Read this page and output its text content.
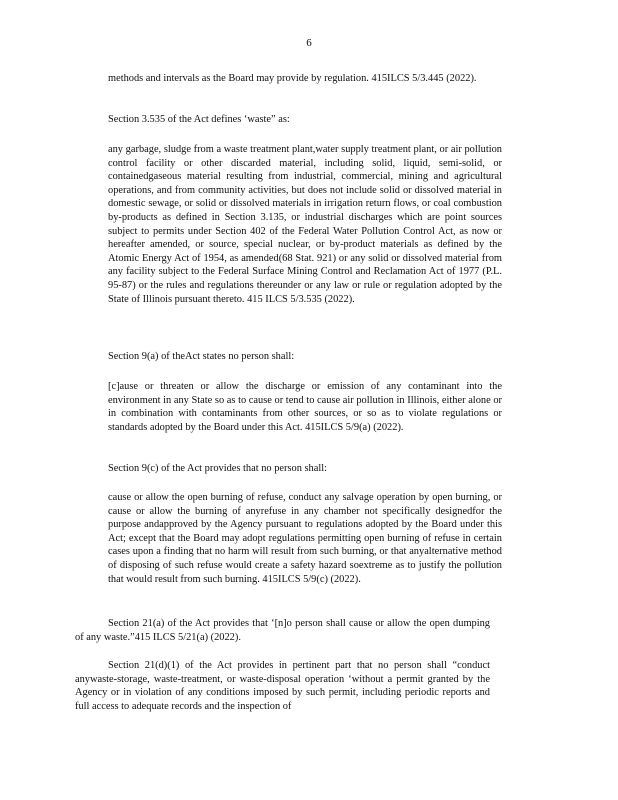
6

methods and intervals as the Board may provide by regulation. 415ILCS 5/3.445 (2022).

Section 3.535 of the Act defines ‘waste” as:

any garbage, sludge from a waste treatment plant,water supply treatment plant, or air pollution control facility or other discarded material, including solid, liquid, semi-solid, or containedgaseous material resulting from industrial, commercial, mining and agricultural operations, and from community activities, but does not include solid or dissolved material in domestic sewage, or solid or dissolved materials in irrigation return flows, or coal combustion by-products as defined in Section 3.135, or industrial discharges which are point sources subject to permits under Section 402 of the Federal Water Pollution Control Act, as now or hereafter amended, or source, special nuclear, or by-product materials as defined by the Atomic Energy Act of 1954, as amended(68 Stat. 921) or any solid or dissolved material from any facility subject to the Federal Surface Mining Control and Reclamation Act of 1977 (P.L. 95-87) or the rules and regulations thereunder or any law or rule or regulation adopted by the State of Illinois pursuant thereto. 415 ILCS 5/3.535 (2022).

Section 9(a) of theAct states no person shall:

[c]ause or threaten or allow the discharge or emission of any contaminant into the environment in any State so as to cause or tend to cause air pollution in Illinois, either alone or in combination with contaminants from other sources, or so as to violate regulations or standards adopted by the Board under this Act. 415ILCS 5/9(a) (2022).

Section 9(c) of the Act provides that no person shall:

cause or allow the open burning of refuse, conduct any salvage operation by open burning, or cause or allow the burning of anyrefuse in any chamber not specifically designedfor the purpose andapproved by the Agency pursuant to regulations adopted by the Board under this Act; except that the Board may adopt regulations permitting open burning of refuse in certain cases upon a finding that no harm will result from such burning, or that anyalternative method of disposing of such refuse would create a safety hazard soextreme as to justify the pollution that would result from such burning. 415ILCS 5/9(c) (2022).

Section 21(a) of the Act provides that ‘[n]o person shall cause or allow the open dumping of any waste.”415 ILCS 5/21(a) (2022).

Section 21(d)(1) of the Act provides in pertinent part that no person shall “conduct anywaste-storage, waste-treatment, or waste-disposal operation ‘without a permit granted by the Agency or in violation of any conditions imposed by such permit, including periodic reports and full access to adequate records and the inspection of
